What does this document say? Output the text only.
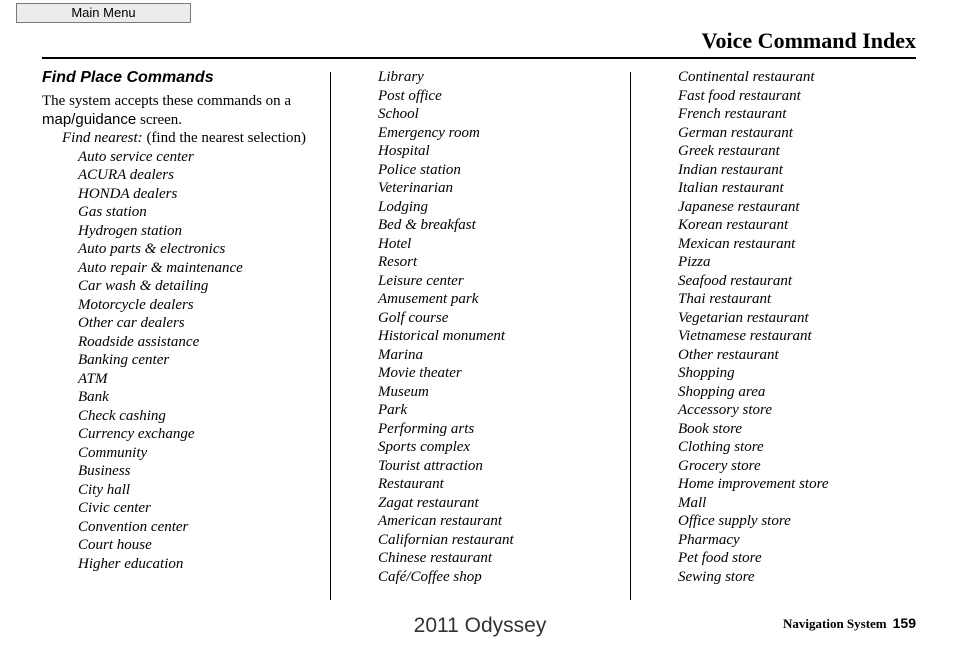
Main Menu
Voice Command Index
Find Place Commands

The system accepts these commands on a map/guidance screen.

Find nearest: (find the nearest selection)

Auto service center
ACURA dealers
HONDA dealers
Gas station
Hydrogen station
Auto parts & electronics
Auto repair & maintenance
Car wash & detailing
Motorcycle dealers
Other car dealers
Roadside assistance
Banking center
ATM
Bank
Check cashing
Currency exchange
Community
Business
City hall
Civic center
Convention center
Court house
Higher education
Library
Post office
School
Emergency room
Hospital
Police station
Veterinarian
Lodging
Bed & breakfast
Hotel
Resort
Leisure center
Amusement park
Golf course
Historical monument
Marina
Movie theater
Museum
Park
Performing arts
Sports complex
Tourist attraction
Restaurant
Zagat restaurant
American restaurant
Californian restaurant
Chinese restaurant
Café/Coffee shop
Continental restaurant
Fast food restaurant
French restaurant
German restaurant
Greek restaurant
Indian restaurant
Italian restaurant
Japanese restaurant
Korean restaurant
Mexican restaurant
Pizza
Seafood restaurant
Thai restaurant
Vegetarian restaurant
Vietnamese restaurant
Other restaurant
Shopping
Shopping area
Accessory store
Book store
Clothing store
Grocery store
Home improvement store
Mall
Office supply store
Pharmacy
Pet food store
Sewing store
Navigation System 159
2011 Odyssey
